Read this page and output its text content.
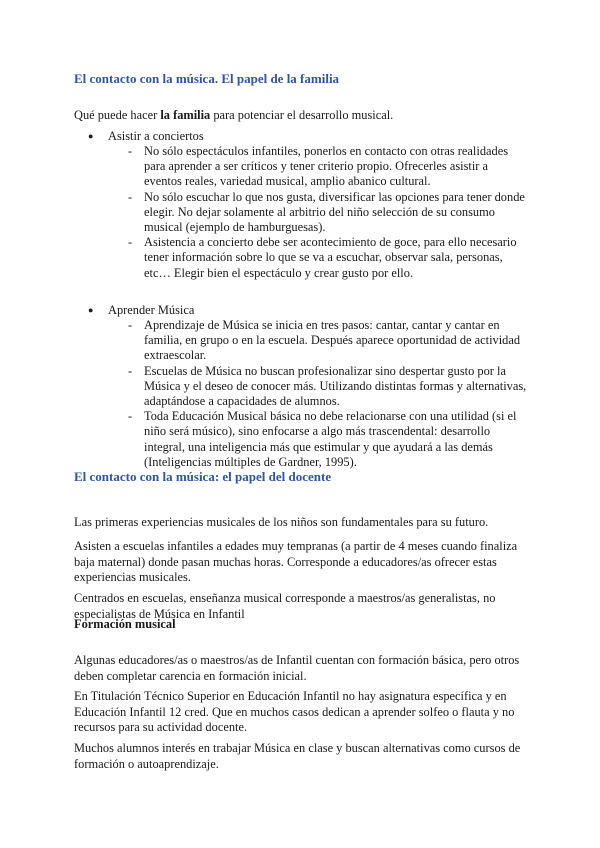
El contacto con la música. El papel de la familia

Qué puede hacer la familia para potenciar el desarrollo musical.

●	Asistir a conciertos
- No sólo espectáculos infantiles, ponerlos en contacto con otras realidades para aprender a ser críticos y tener criterio propio. Ofrecerles asistir a eventos reales, variedad musical, amplio abanico cultural.
- No sólo escuchar lo que nos gusta, diversificar las opciones para tener donde elegir. No dejar solamente al arbitrio del niño selección de su consumo musical (ejemplo de hamburguesas).
- Asistencia a concierto debe ser acontecimiento de goce, para ello necesario tener información sobre lo que se va a escuchar, observar sala, personas, etc… Elegir bien el espectáculo y crear gusto por ello.
●	Aprender Música
- Aprendizaje de Música se inicia en tres pasos: cantar, cantar y cantar en familia, en grupo o en la escuela. Después aparece oportunidad de actividad extraescolar.
- Escuelas de Música no buscan profesionalizar sino despertar gusto por la Música y el deseo de conocer más. Utilizando distintas formas y alternativas, adaptándose a capacidades de alumnos.
- Toda Educación Musical básica no debe relacionarse con una utilidad (si el niño será músico), sino enfocarse a algo más trascendental: desarrollo integral, una inteligencia más que estimular y que ayudará a las demás (Inteligencias múltiples de Gardner, 1995).

El contacto con la música: el papel del docente

Las primeras experiencias musicales de los niños son fundamentales para su futuro.

Asisten a escuelas infantiles a edades muy tempranas (a partir de 4 meses cuando finaliza baja maternal) donde pasan muchas horas. Corresponde a educadores/as ofrecer estas experiencias musicales.

Centrados en escuelas, enseñanza musical corresponde a maestros/as generalistas, no especialistas de Música en Infantil

Formación musical

Algunas educadores/as o maestros/as de Infantil cuentan con formación básica, pero otros deben completar carencia en formación inicial.

En Titulación Técnico Superior en Educación Infantil no hay asignatura específica y en Educación Infantil 12 cred. Que en muchos casos dedican a aprender solfeo o flauta y no recursos para su actividad docente.

Muchos alumnos interés en trabajar Música en clase y buscan alternativas como cursos de formación o autoaprendizaje.
